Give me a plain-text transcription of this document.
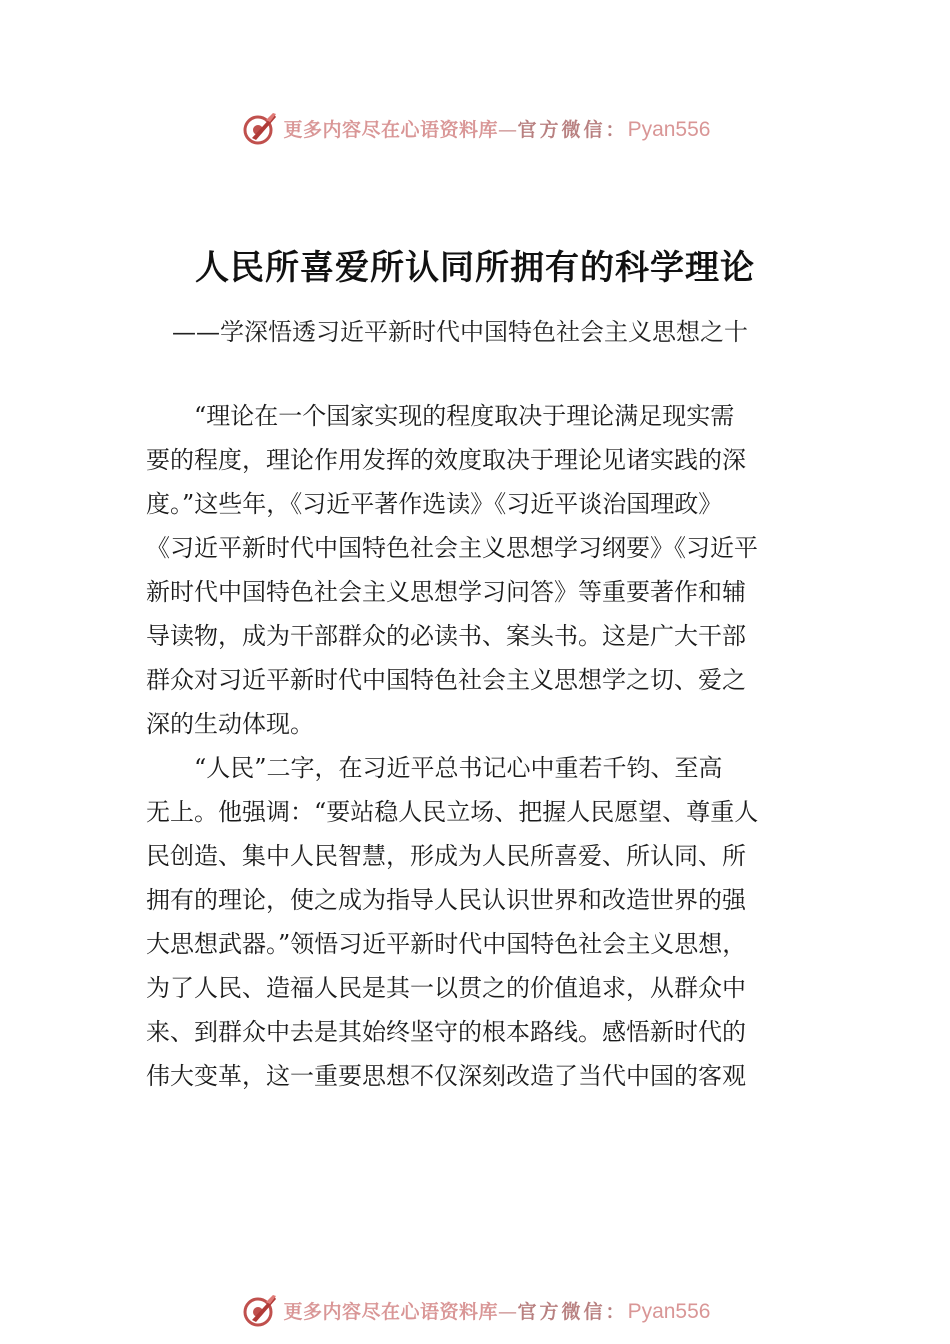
更多内容尽在心语资料库—官方微信：Pyan556
人民所喜爱所认同所拥有的科学理论

——学深悟透习近平新时代中国特色社会主义思想之十

“理论在一个国家实现的程度取决于理论满足现实需
要的程度，理论作用发挥的效度取决于理论见诸实践的深
度。”这些年，《习近平著作选读》《习近平谈治国理政》
《习近平新时代中国特色社会主义思想学习纲要》《习近平
新时代中国特色社会主义思想学习问答》等重要著作和辅
导读物，成为干部群众的必读书、案头书。这是广大干部
群众对习近平新时代中国特色社会主义思想学之切、爱之
深的生动体现。
“人民”二字，在习近平总书记心中重若千钧、至高
无上。他强调：“要站稳人民立场、把握人民愿望、尊重人
民创造、集中人民智慧，形成为人民所喜爱、所认同、所
拥有的理论，使之成为指导人民认识世界和改造世界的强
大思想武器。”领悟习近平新时代中国特色社会主义思想，
为了人民、造福人民是其一以贯之的价值追求，从群众中
来、到群众中去是其始终坚守的根本路线。感悟新时代的
伟大变革，这一重要思想不仅深刻改造了当代中国的客观
更多内容尽在心语资料库—官方微信：Pyan556
